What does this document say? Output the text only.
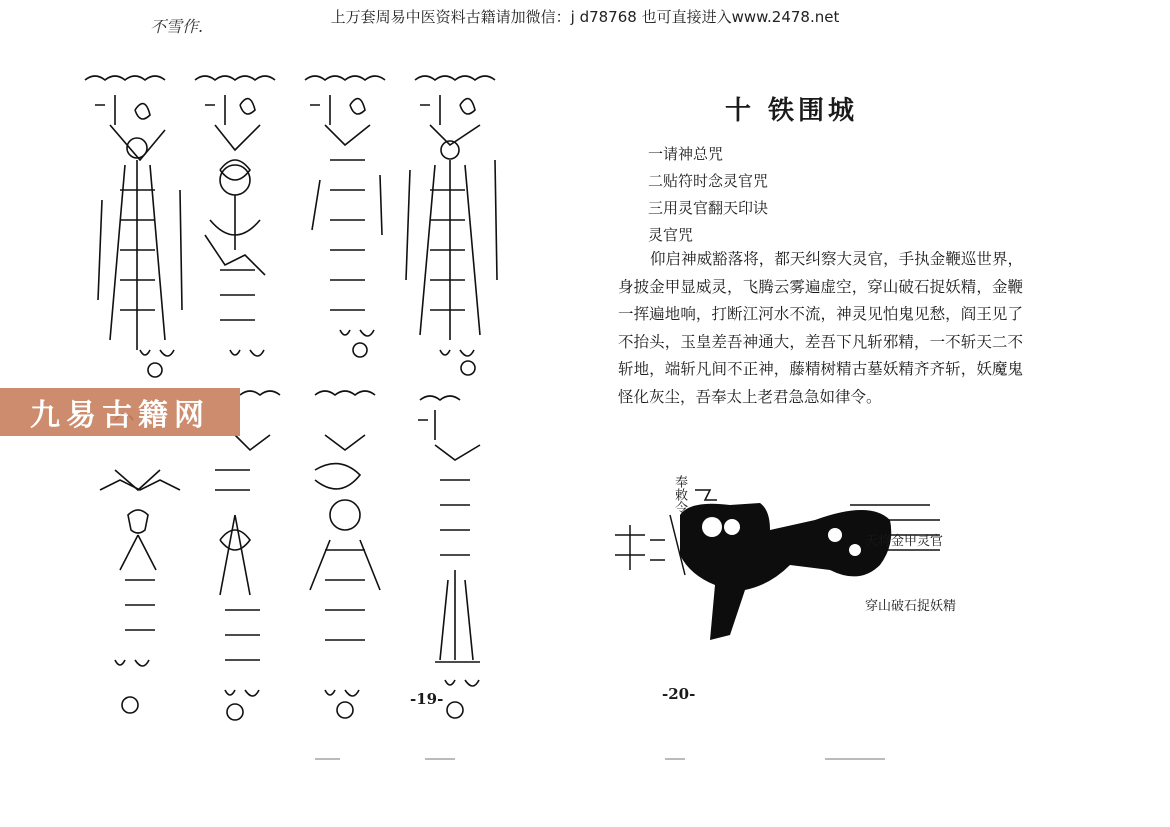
上万套周易中医资料古籍请加微信：j d78768 也可直接进入www.2478.net
不雪作.
-19-
九易古籍网
十 铁围城
一请神总咒
二贴符时念灵官咒
三用灵官翻天印诀
灵官咒
仰启神威豁落将，都天纠察大灵官，手执金鞭巡世界，身披金甲显威灵，飞腾云雾遍虚空，穿山破石捉妖精，金鞭一挥遍地响，打断江河水不流，神灵见怕鬼见愁，阎王见了不抬头，玉皇差吾神通大，差吾下凡斩邪精，一不斩天二不斩地，端斩凡间不正神，藤精树精古墓妖精齐齐斩，妖魔鬼怪化灰尘，吾奉太上老君急急如律令。
奉敕令
天将金甲灵官
穿山破石捉妖精
-20-
